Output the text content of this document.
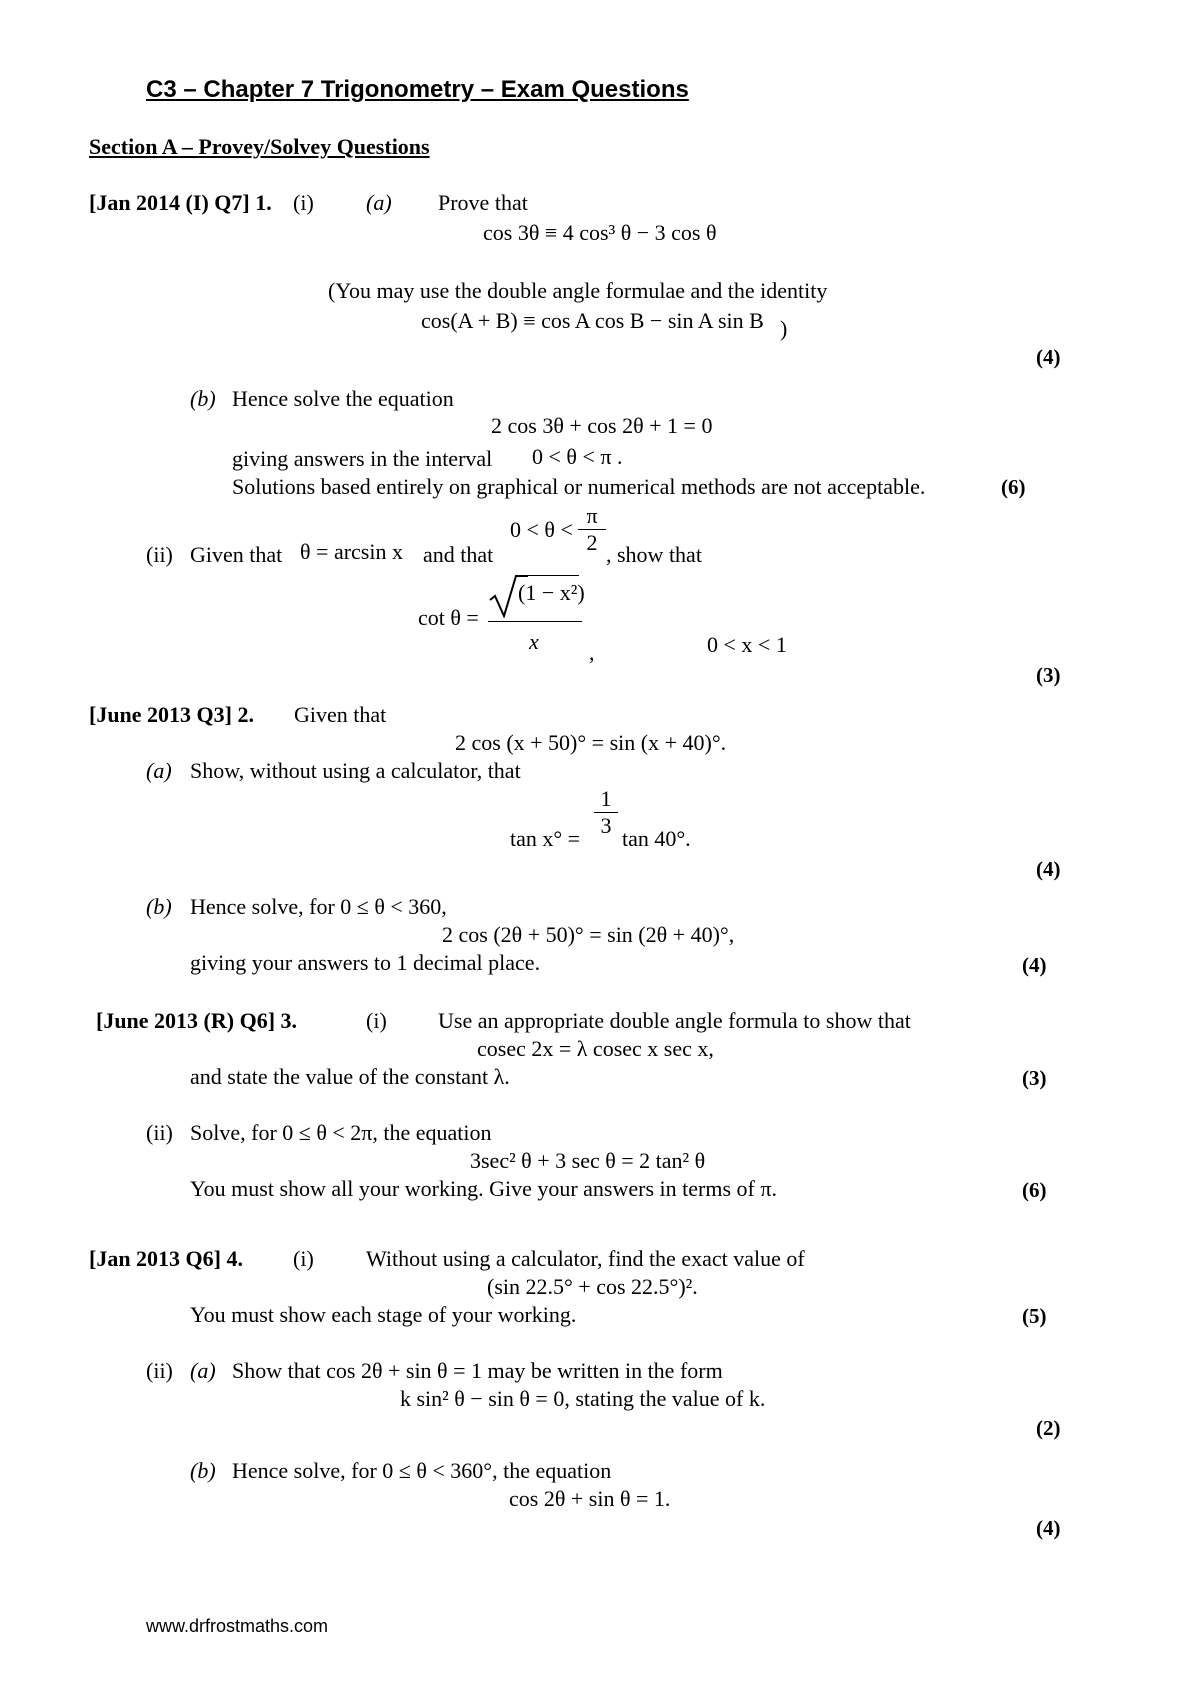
C3 – Chapter 7 Trigonometry – Exam Questions
Section A – Provey/Solvey Questions
[Jan 2014 (I) Q7] 1. (i) (a) Prove that
cos 3θ ≡ 4 cos³ θ − 3 cos θ
(You may use the double angle formulae and the identity
cos(A + B) ≡ cos A cos B − sin A sin B )
(4)
(b) Hence solve the equation
2 cos 3θ + cos 2θ + 1 = 0
giving answers in the interval 0 < θ < π .
Solutions based entirely on graphical or numerical methods are not acceptable.	(6)
(ii) Given that θ = arcsin x and that
0 < θ <
π
2 , show that
cot θ =
(1 − x²)
x ,	0 < x < 1
(3)
[June 2013 Q3] 2. Given that
2 cos (x + 50)° = sin (x + 40)°.
(a) Show, without using a calculator, that
tan x° =
1
3
tan 40°.
(4)
(b) Hence solve, for 0 ≤ θ < 360,
2 cos (2θ + 50)° = sin (2θ + 40)°,
giving your answers to 1 decimal place.	(4)
[June 2013 (R) Q6] 3.	(i) Use an appropriate double angle formula to show that
cosec 2x = λ cosec x sec x,
and state the value of the constant λ.	(3)
(ii) Solve, for 0 ≤ θ < 2π, the equation
3sec² θ + 3 sec θ = 2 tan² θ
You must show all your working. Give your answers in terms of π.	(6)
[Jan 2013 Q6] 4. (i) Without using a calculator, find the exact value of
(sin 22.5° + cos 22.5°)².
You must show each stage of your working.	(5)
(ii) (a) Show that cos 2θ + sin θ = 1 may be written in the form
k sin² θ − sin θ = 0, stating the value of k.
(2)
(b) Hence solve, for 0 ≤ θ < 360°, the equation
cos 2θ + sin θ = 1.
(4)
www.drfrostmaths.com
